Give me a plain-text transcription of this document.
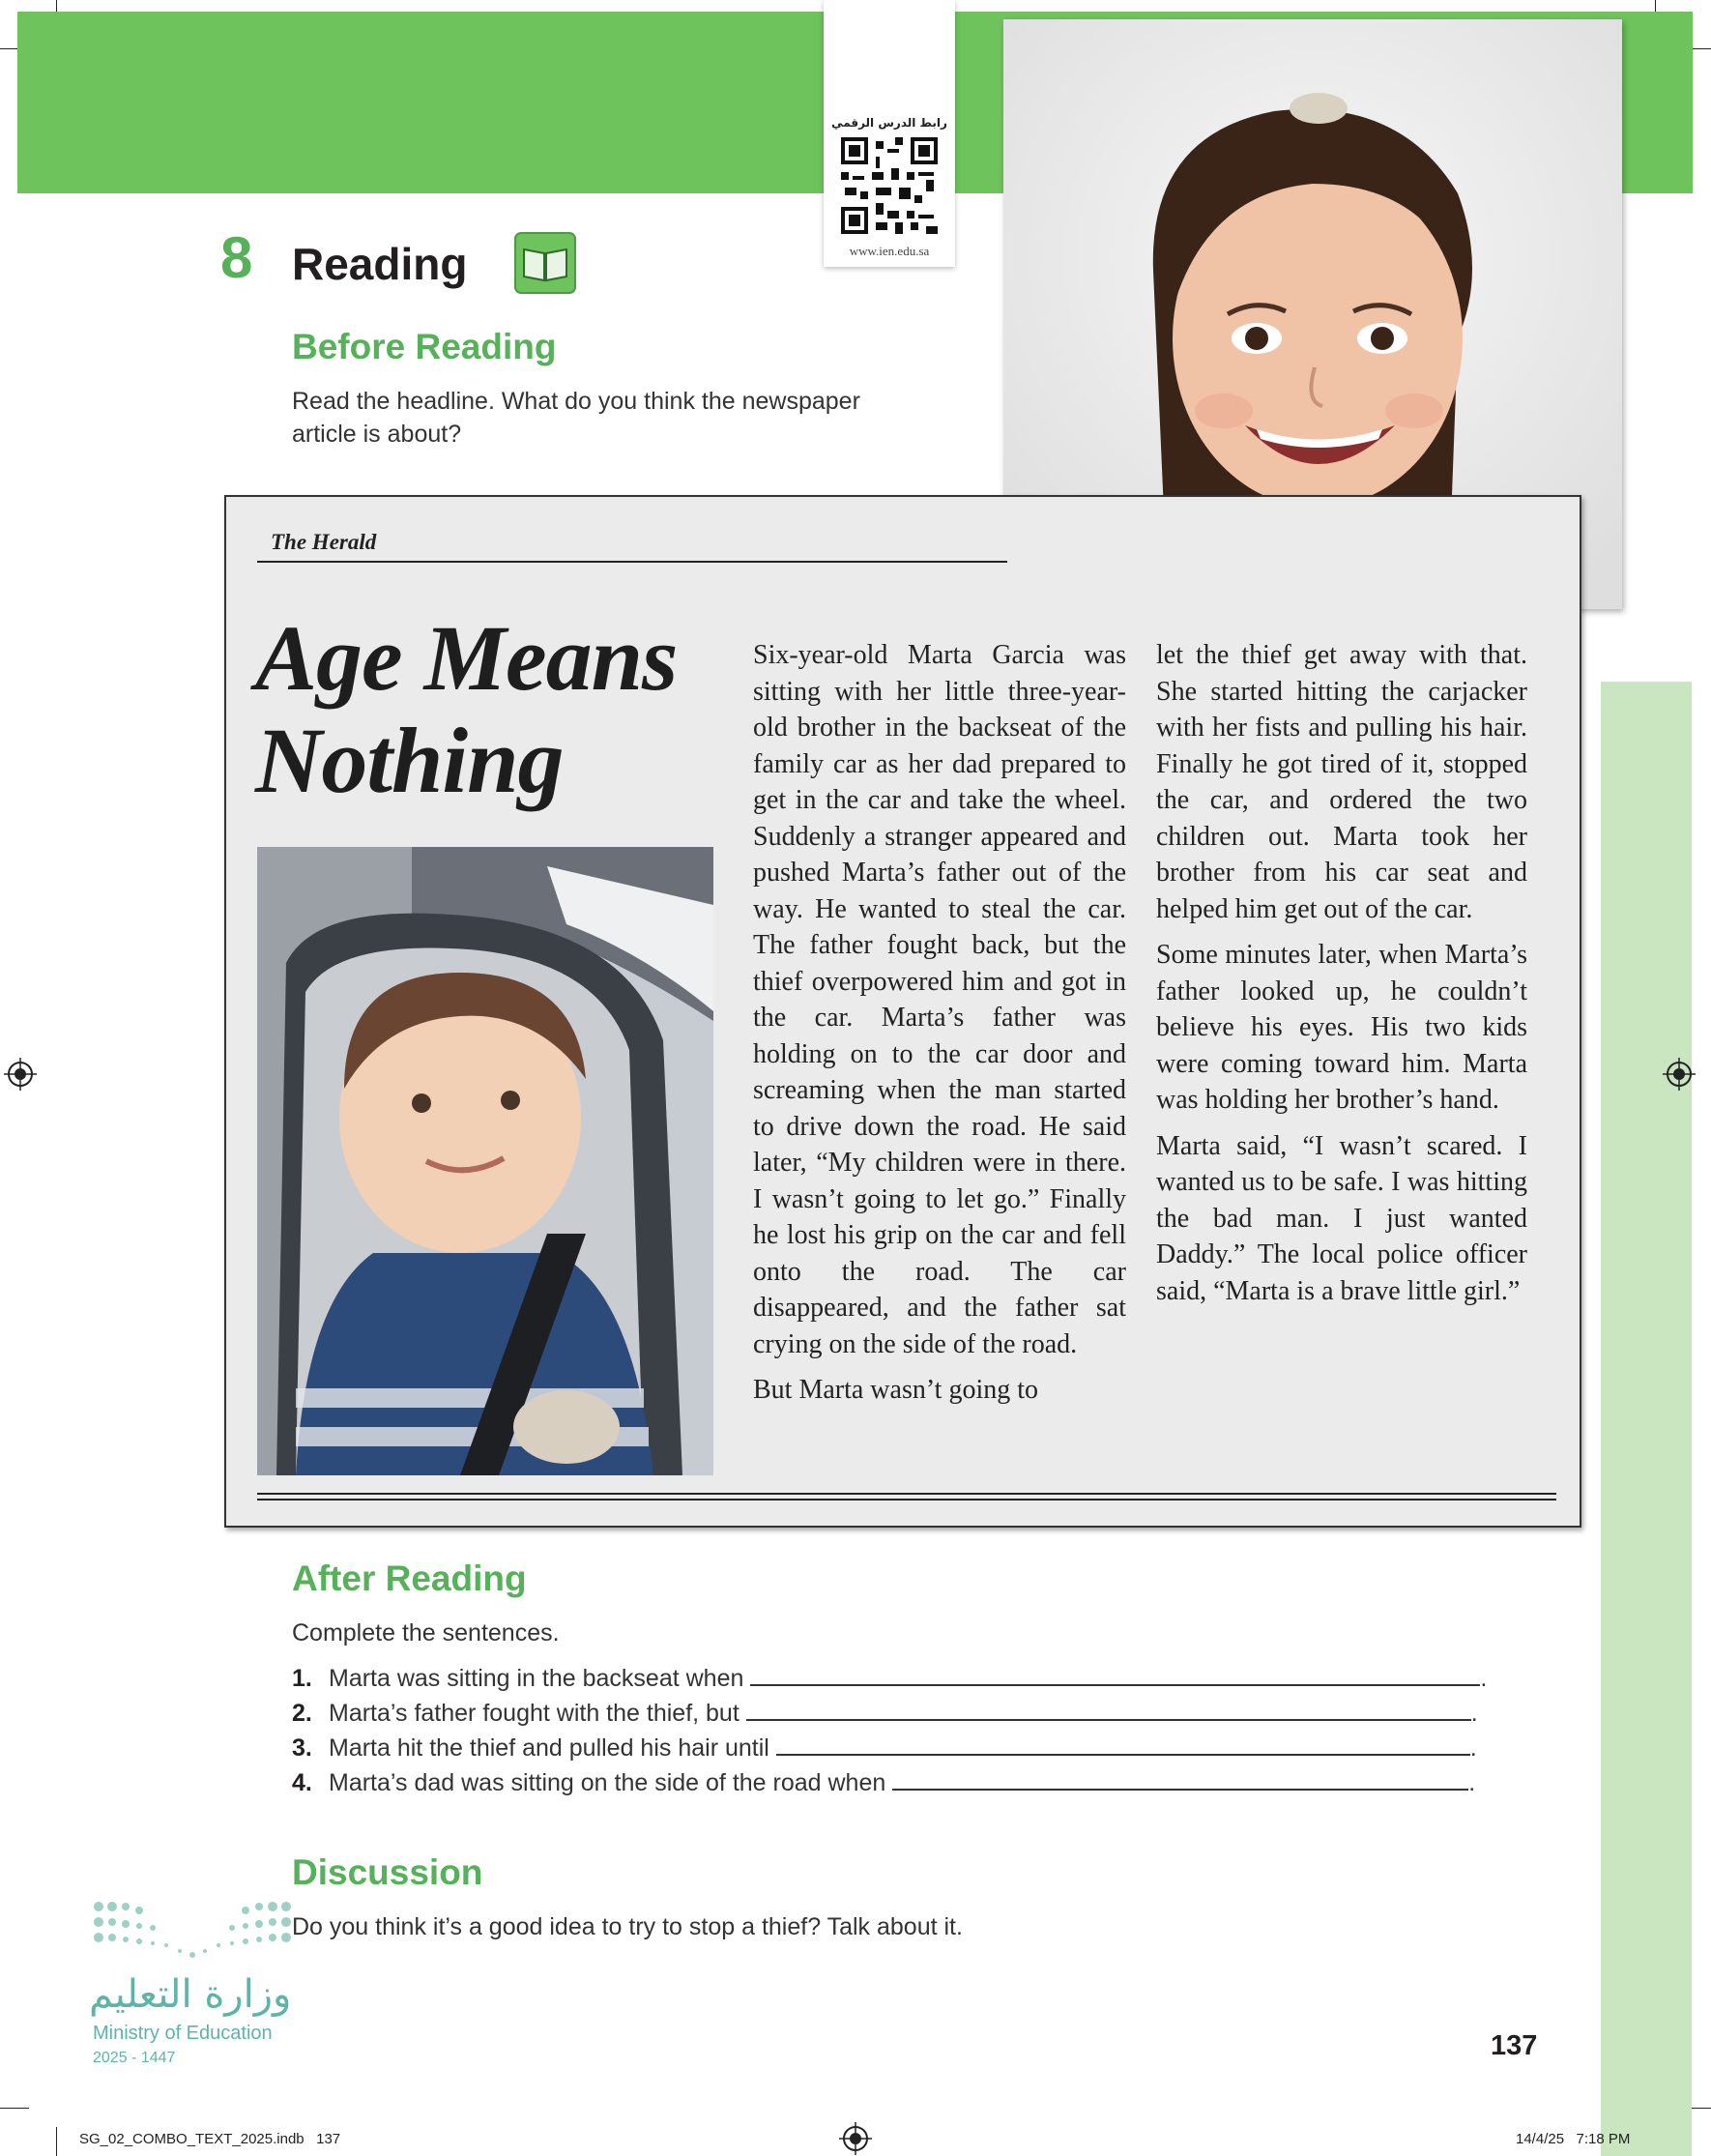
رابط الدرس الرقمي
www.ien.edu.sa
8 Reading
Before Reading
Read the headline. What do you think the newspaper article is about?
The Herald
Age Means
Nothing

Six-year-old Marta Garcia was sitting with her little three-year-old brother in the backseat of the family car as her dad prepared to get in the car and take the wheel. Suddenly a stranger appeared and pushed Marta’s father out of the way. He wanted to steal the car. The father fought back, but the thief overpowered him and got in the car. Marta’s father was holding on to the car door and screaming when the man started to drive down the road. He said later, “My children were in there. I wasn’t going to let go.” Finally he lost his grip on the car and fell onto the road. The car disappeared, and the father sat crying on the side of the road.

But Marta wasn’t going to

let the thief get away with that. She started hitting the carjacker with her fists and pulling his hair. Finally he got tired of it, stopped the car, and ordered the two children out. Marta took her brother from his car seat and helped him get out of the car.

Some minutes later, when Marta’s father looked up, he couldn’t believe his eyes. His two kids were coming toward him. Marta was holding her brother’s hand.

Marta said, “I wasn’t scared. I wanted us to be safe. I was hitting the bad man. I just wanted Daddy.” The local police officer said, “Marta is a brave little girl.”

After Reading
Complete the sentences.
1. Marta was sitting in the backseat when	.
2. Marta’s father fought with the thief, but	.
3. Marta hit the thief and pulled his hair until	.
4. Marta’s dad was sitting on the side of the road when	.
Discussion
Do you think it’s a good idea to try to stop a thief? Talk about it.
وزارة التعليم
Ministry of Education
2025 - 1447	137
SG_02_COMBO_TEXT_2025.indb   137	14/4/25   7:18 PM
